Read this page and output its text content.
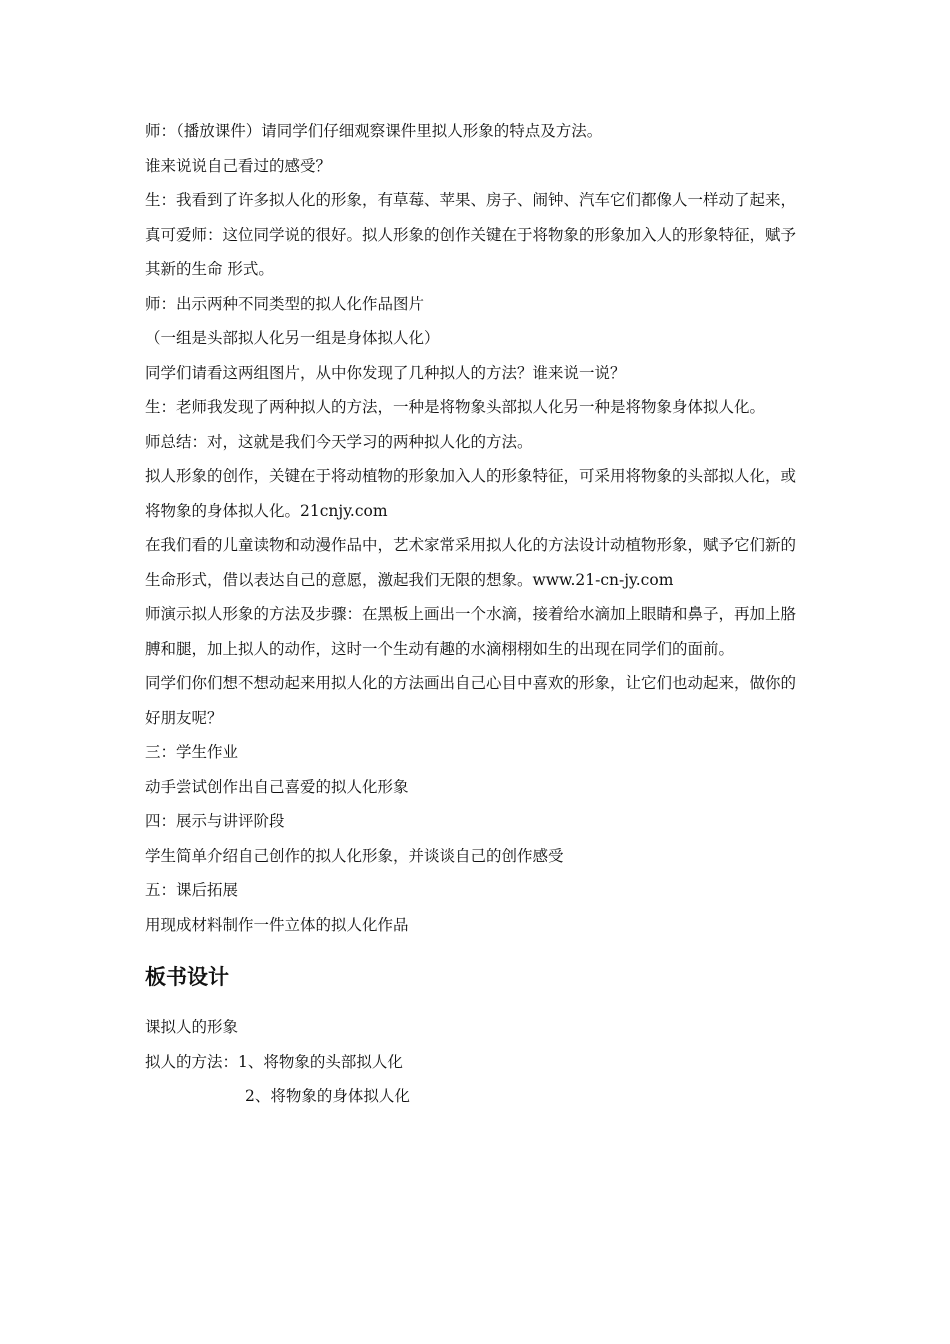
师：（播放课件）请同学们仔细观察课件里拟人形象的特点及方法。

谁来说说自己看过的感受？

生：我看到了许多拟人化的形象，有草莓、苹果、房子、闹钟、汽车它们都像人一样动了起来，真可爱师：这位同学说的很好。拟人形象的创作关键在于将物象的形象加入人的形象特征，赋予其新的生命 形式。

师：出示两种不同类型的拟人化作品图片

（一组是头部拟人化另一组是身体拟人化）

同学们请看这两组图片，从中你发现了几种拟人的方法？谁来说一说？

生：老师我发现了两种拟人的方法，一种是将物象头部拟人化另一种是将物象身体拟人化。

师总结：对，这就是我们今天学习的两种拟人化的方法。

拟人形象的创作，关键在于将动植物的形象加入人的形象特征，可采用将物象的头部拟人化，或将物象的身体拟人化。21cnjy.com

在我们看的儿童读物和动漫作品中，艺术家常采用拟人化的方法设计动植物形象，赋予它们新的生命形式，借以表达自己的意愿，激起我们无限的想象。www.21-cn-jy.com

师演示拟人形象的方法及步骤：在黑板上画出一个水滴，接着给水滴加上眼睛和鼻子，再加上胳膊和腿，加上拟人的动作，这时一个生动有趣的水滴栩栩如生的出现在同学们的面前。

同学们你们想不想动起来用拟人化的方法画出自己心目中喜欢的形象，让它们也动起来，做你的好朋友呢？

三：学生作业

动手尝试创作出自己喜爱的拟人化形象

四：展示与讲评阶段

学生简单介绍自己创作的拟人化形象，并谈谈自己的创作感受

五：课后拓展

用现成材料制作一件立体的拟人化作品

板书设计

课拟人的形象

拟人的方法：1、将物象的头部拟人化

2、将物象的身体拟人化
